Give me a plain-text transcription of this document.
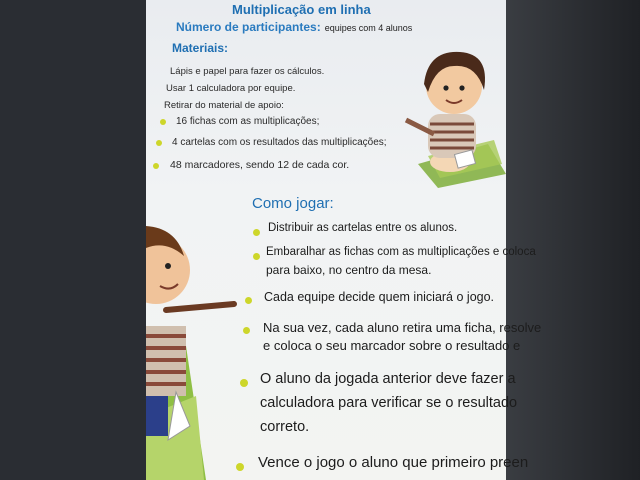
Multiplicação em linha
Número de participantes: equipes com 4 alunos
Materiais:
Lápis e papel para fazer os cálculos.
Usar 1 calculadora por equipe.
Retirar do material de apoio:
16 fichas com as multiplicações;
4 cartelas com os resultados das multiplicações;
48 marcadores, sendo 12 de cada cor.
Como jogar:
Distribuir as cartelas entre os alunos.
Embaralhar as fichas com as multiplicações e coloca
para baixo, no centro da mesa.
Cada equipe decide quem iniciará o jogo.
Na sua vez, cada aluno retira uma ficha, resolve
e coloca o seu marcador sobre o resultado e
O aluno da jogada anterior deve fazer a
calculadora para verificar se o resultado
correto.
Vence o jogo o aluno que primeiro preen
